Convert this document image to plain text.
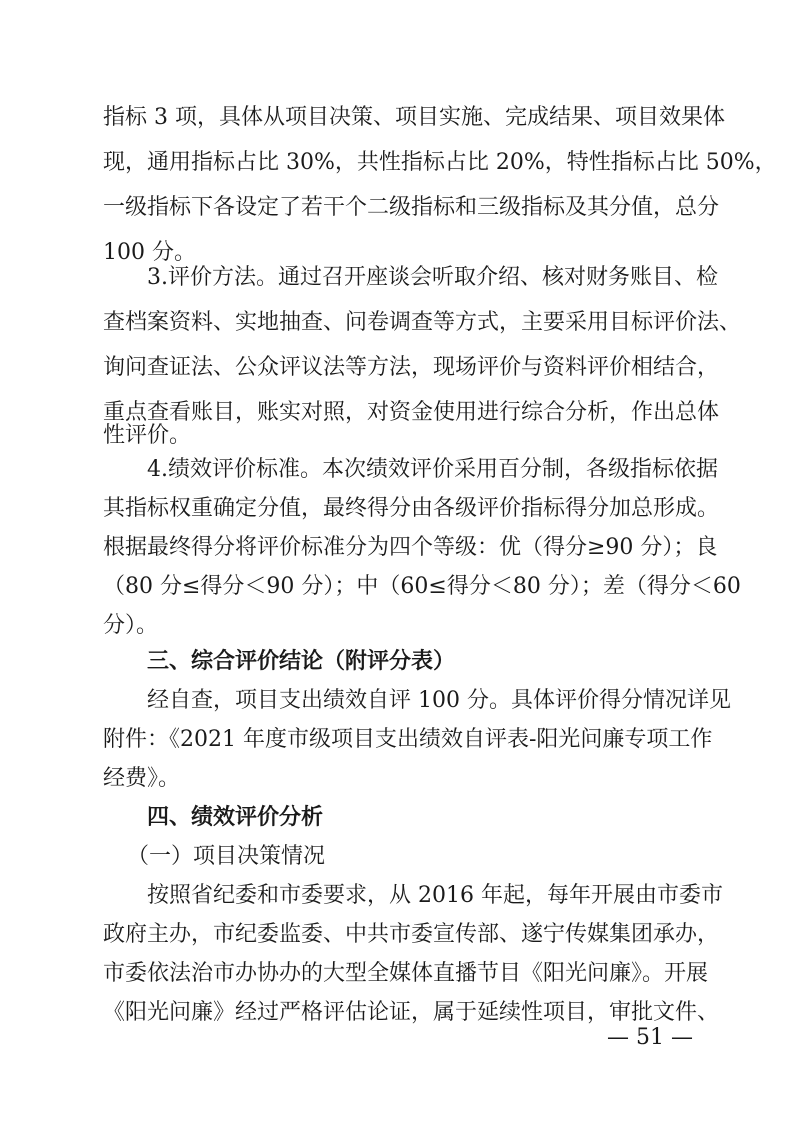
指标 3 项，具体从项目决策、项目实施、完成结果、项目效果体
现，通用指标占比 30%，共性指标占比 20%，特性指标占比 50%，
一级指标下各设定了若干个二级指标和三级指标及其分值，总分
100 分。
3.评价方法。通过召开座谈会听取介绍、核对财务账目、检
查档案资料、实地抽查、问卷调查等方式，主要采用目标评价法、
询问查证法、公众评议法等方法，现场评价与资料评价相结合，
重点查看账目，账实对照，对资金使用进行综合分析，作出总体
性评价。
4.绩效评价标准。本次绩效评价采用百分制，各级指标依据
其指标权重确定分值，最终得分由各级评价指标得分加总形成。
根据最终得分将评价标准分为四个等级：优（得分≥90 分）；良
（80 分≤得分＜90 分）；中（60≤得分＜80 分）；差（得分＜60
分）。
三、综合评价结论（附评分表）
经自查，项目支出绩效自评 100 分。具体评价得分情况详见
附件：《2021 年度市级项目支出绩效自评表-阳光问廉专项工作
经费》。
四、绩效评价分析
（一）项目决策情况
按照省纪委和市委要求，从 2016 年起，每年开展由市委市
政府主办，市纪委监委、中共市委宣传部、遂宁传媒集团承办，
市委依法治市办协办的大型全媒体直播节目《阳光问廉》。开展
《阳光问廉》经过严格评估论证，属于延续性项目，审批文件、
— 51 —
